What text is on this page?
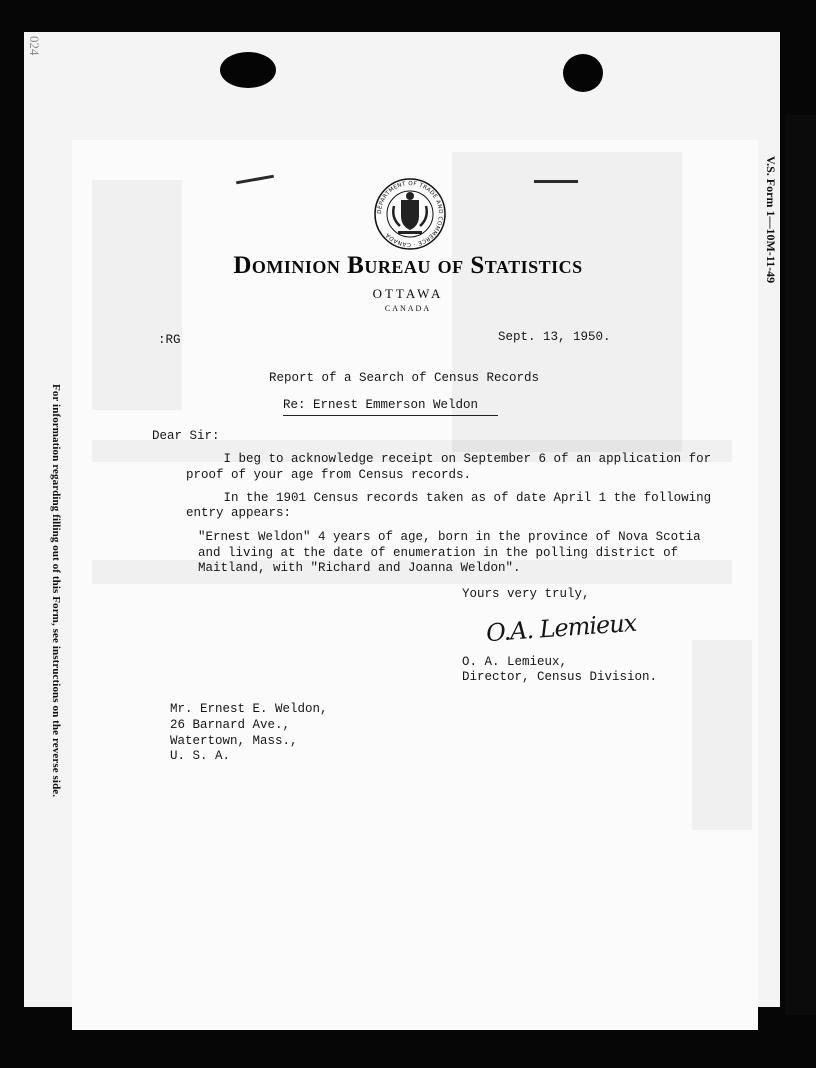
024
For information regarding filling out of this Form, see instructions on the reverse side.
V.S. Form 1—10M-11-49
DEPARTMENT OF TRADE AND COMMERCE · CANADA
Dominion Bureau of Statistics
OTTAWA
CANADA
:RG	Sept. 13, 1950.
Report of a Search of Census Records
Re: Ernest Emmerson Weldon
Dear Sir:
I beg to acknowledge receipt on September 6 of an application for
proof of your age from Census records.
In the 1901 Census records taken as of date April 1 the following
entry appears:
"Ernest Weldon" 4 years of age, born in the province of Nova Scotia
and living at the date of enumeration in the polling district of
Maitland, with "Richard and Joanna Weldon".
Yours very truly,
O.A. Lemieux
O. A. Lemieux,
Director, Census Division.
Mr. Ernest E. Weldon,
26 Barnard Ave.,
Watertown, Mass.,
U. S. A.
